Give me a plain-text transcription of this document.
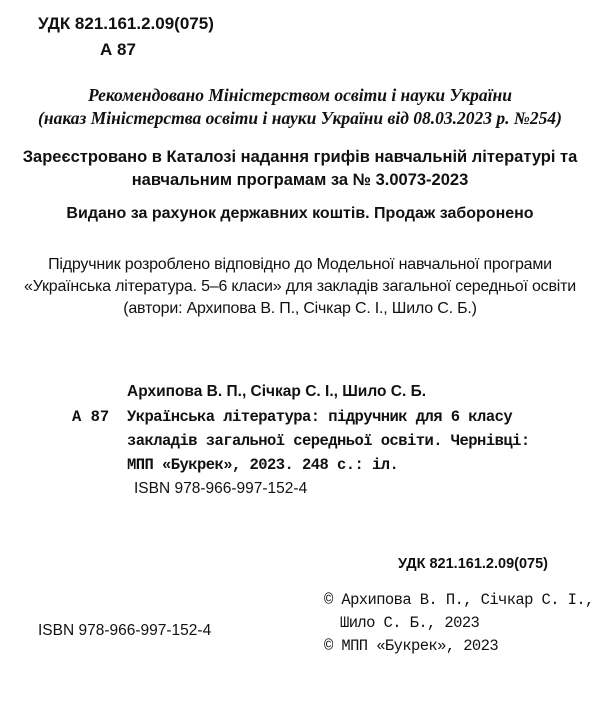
УДК 821.161.2.09(075)
А 87
Рекомендовано Міністерством освіти і науки України
(наказ Міністерства освіти і науки України від 08.03.2023 р. №254)
Зареєстровано в Каталозі надання грифів навчальній літературі та
навчальним програмам за № 3.0073-2023
Видано за рахунок державних коштів. Продаж заборонено
Підручник розроблено відповідно до Модельної навчальної програми
«Українська література. 5–6 класи» для закладів загальної середньої освіти
(автори: Архипова В. П., Січкар С. І., Шило С. Б.)
Архипова В. П., Січкар С. І., Шило С. Б.
А 87 Українська література: підручник для 6 класу
закладів загальної середньої освіти. Чернівці:
МПП «Букрек», 2023. 248 с.: іл.
ISBN 978-966-997-152-4
УДК 821.161.2.09(075)
© Архипова В. П., Січкар С. І.,
Шило С. Б., 2023
© МПП «Букрек», 2023
ISBN 978-966-997-152-4
